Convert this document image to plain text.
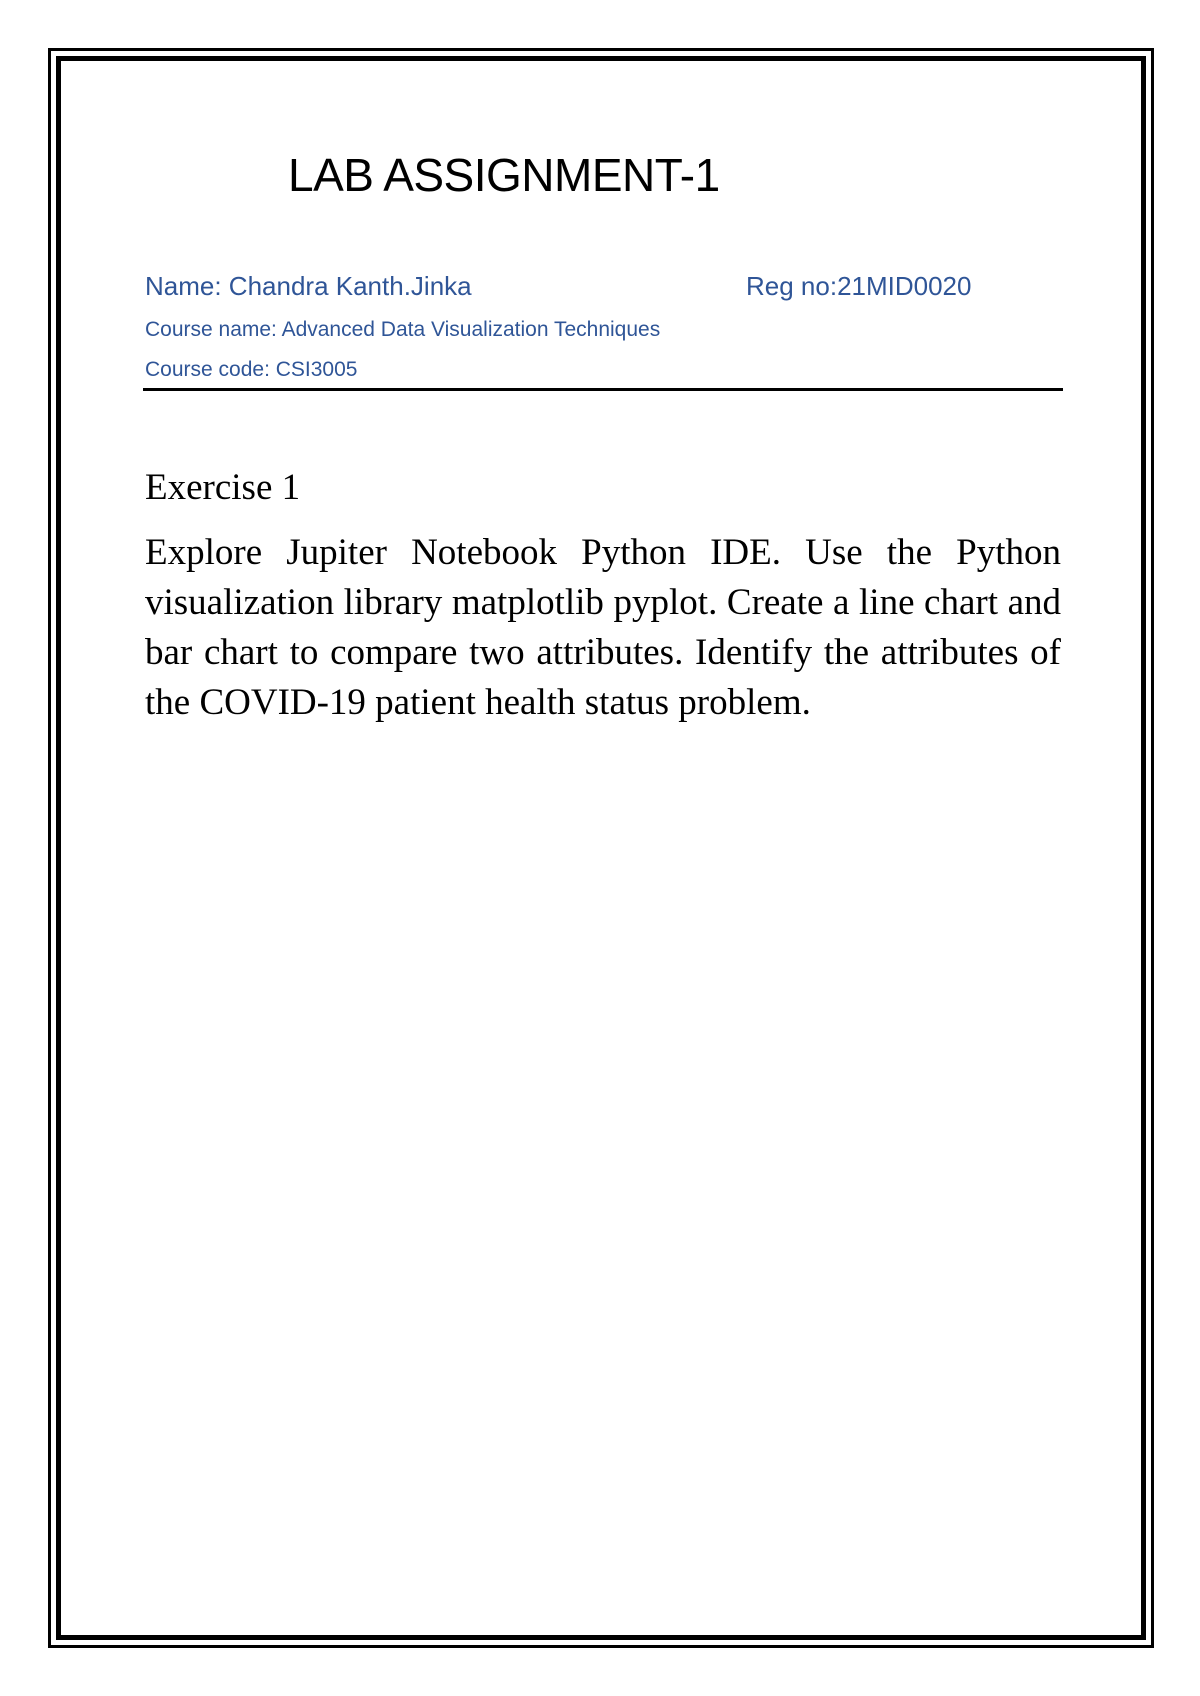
LAB ASSIGNMENT-1
Name: Chandra Kanth.Jinka	Reg no:21MID0020
Course name: Advanced Data Visualization Techniques
Course code: CSI3005
Exercise 1

Explore Jupiter Notebook Python IDE. Use the Python visualization library matplotlib pyplot. Create a line chart and bar chart to compare two attributes. Identify the attributes of the COVID-19 patient health status problem.
